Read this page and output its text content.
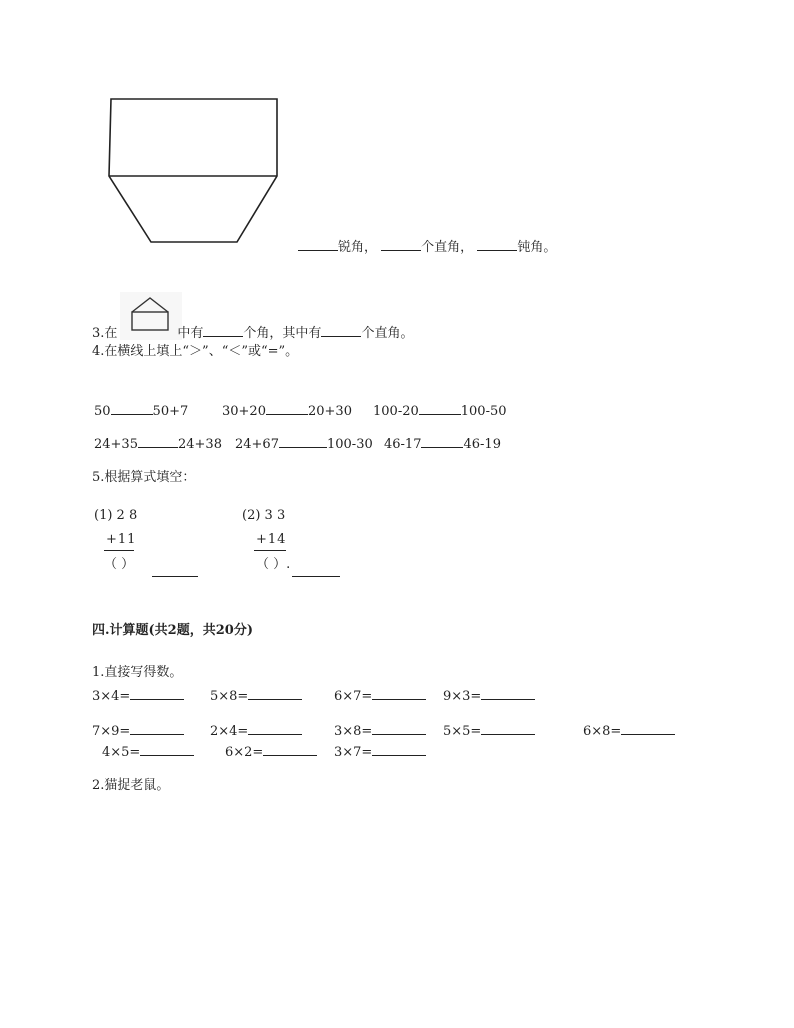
锐角，	个直角，	钝角。
3.在	中有	个角，其中有	个直角。
4.在横线上填上“＞”、“＜”或“=”。
50	50+7	30+20	20+30 100-20	100-50
24+35	24+38 24+67	100-30 46-17	46-19
5.根据算式填空：
(1) 2 8
+11
（ ）
(2) 3 3
+14
（ ）.
四.计算题(共2题，共20分)
1.直接写得数。
3×4=	5×8=	6×7=	9×3=
7×9=	2×4=	3×8=	5×5=	6×8=
4×5=	6×2=	3×7=
2.猫捉老鼠。
